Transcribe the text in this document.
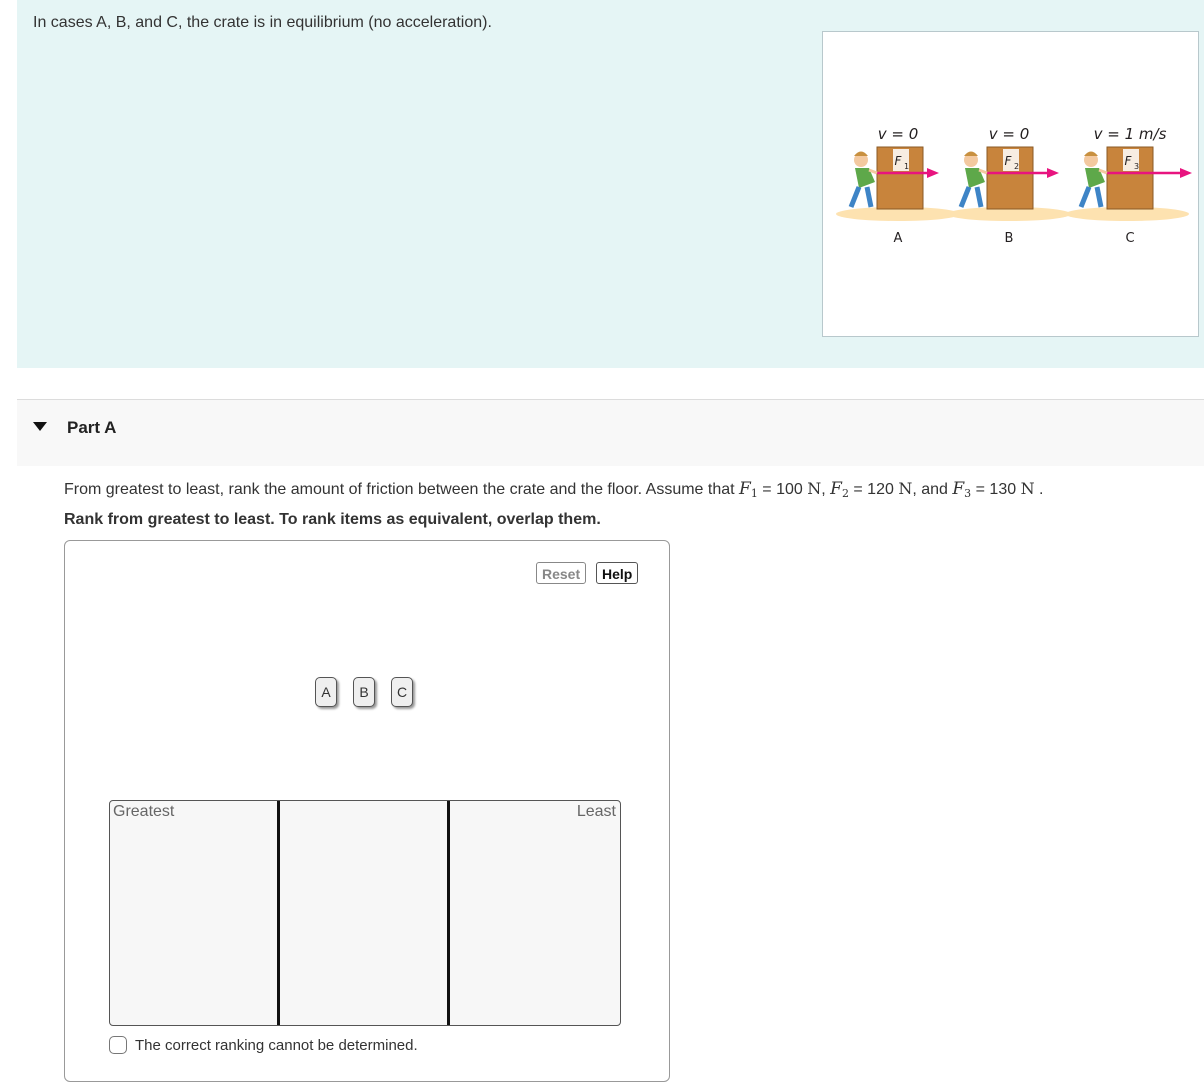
In cases A, B, and C, the crate is in equilibrium (no acceleration).
F 1
v = 0
A
F 2
v = 0
B
F 3
v = 1 m/s
C
Part A
From greatest to least, rank the amount of friction between the crate and the floor. Assume that F1 = 100 N, F2 = 120 N, and F3 = 130 N .
Rank from greatest to least. To rank items as equivalent, overlap them.
Reset	Help
A	B	C
Greatest	Least
The correct ranking cannot be determined.
